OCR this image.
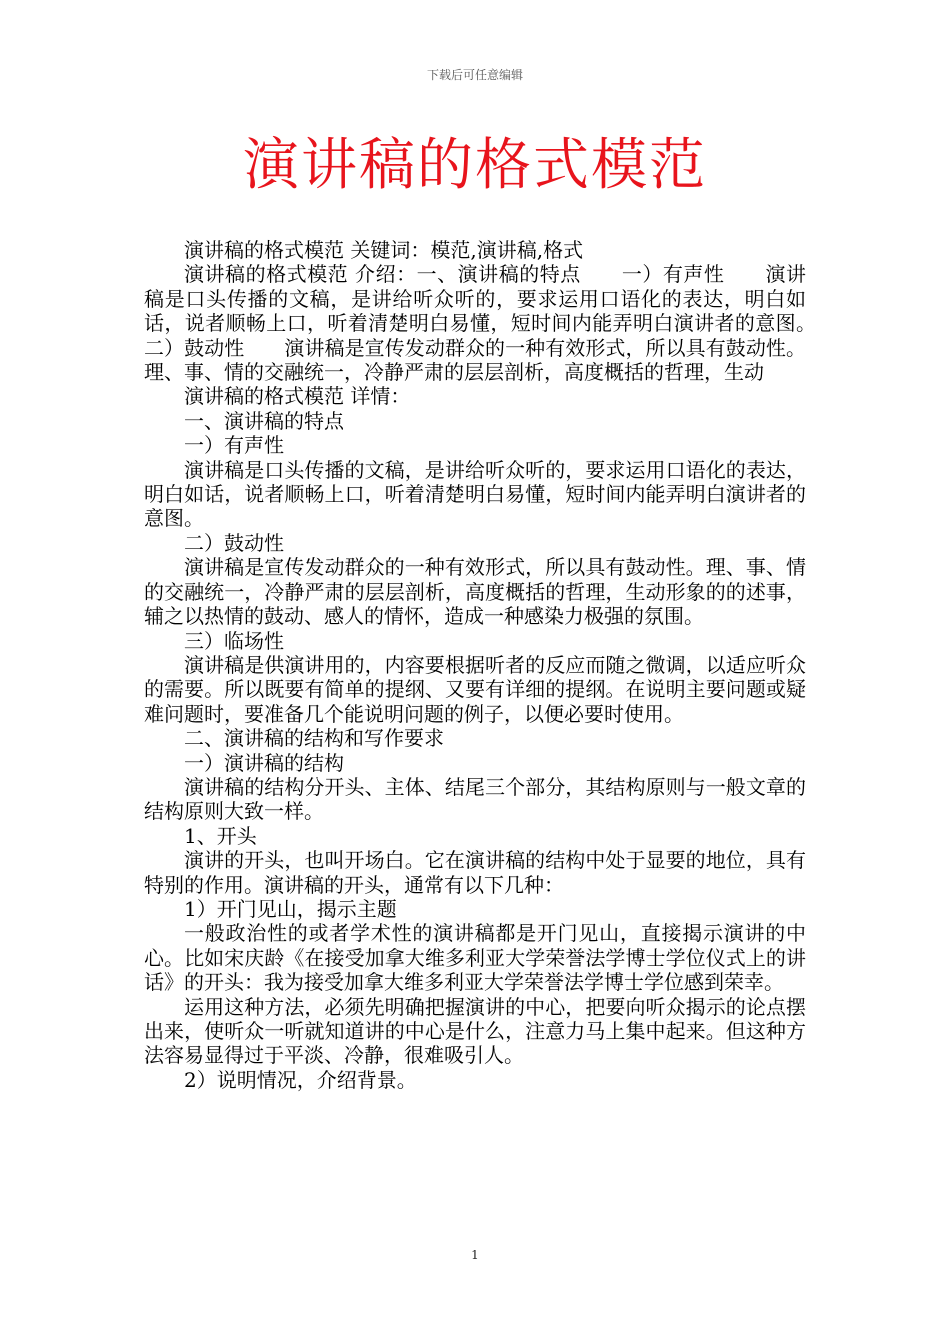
下载后可任意编辑
演讲稿的格式模范

演讲稿的格式模范 关键词：模范,演讲稿,格式

演讲稿的格式模范 介绍：一、演讲稿的特点　　一）有声性　　演讲稿是口头传播的文稿，是讲给听众听的，要求运用口语化的表达，明白如话，说者顺畅上口，听着清楚明白易懂，短时间内能弄明白演讲者的意图。　　二）鼓动性　　演讲稿是宣传发动群众的一种有效形式，所以具有鼓动性。理、事、情的交融统一，冷静严肃的层层剖析，高度概括的哲理，生动

演讲稿的格式模范 详情：

一、演讲稿的特点

一）有声性

演讲稿是口头传播的文稿，是讲给听众听的，要求运用口语化的表达，明白如话，说者顺畅上口，听着清楚明白易懂，短时间内能弄明白演讲者的意图。

二）鼓动性

演讲稿是宣传发动群众的一种有效形式，所以具有鼓动性。理、事、情的交融统一，冷静严肃的层层剖析，高度概括的哲理，生动形象的的述事，辅之以热情的鼓动、感人的情怀，造成一种感染力极强的氛围。

三）临场性

演讲稿是供演讲用的，内容要根据听者的反应而随之微调，以适应听众的需要。所以既要有简单的提纲、又要有详细的提纲。在说明主要问题或疑难问题时，要准备几个能说明问题的例子，以便必要时使用。

二、演讲稿的结构和写作要求

一）演讲稿的结构

演讲稿的结构分开头、主体、结尾三个部分，其结构原则与一般文章的结构原则大致一样。

1、开头

演讲的开头，也叫开场白。它在演讲稿的结构中处于显要的地位，具有特别的作用。演讲稿的开头，通常有以下几种：

1）开门见山，揭示主题

一般政治性的或者学术性的演讲稿都是开门见山，直接揭示演讲的中心。比如宋庆龄《在接受加拿大维多利亚大学荣誉法学博士学位仪式上的讲话》的开头：我为接受加拿大维多利亚大学荣誉法学博士学位感到荣幸。

运用这种方法，必须先明确把握演讲的中心，把要向听众揭示的论点摆出来，使听众一听就知道讲的中心是什么，注意力马上集中起来。但这种方法容易显得过于平淡、冷静，很难吸引人。

2）说明情况，介绍背景。

1
